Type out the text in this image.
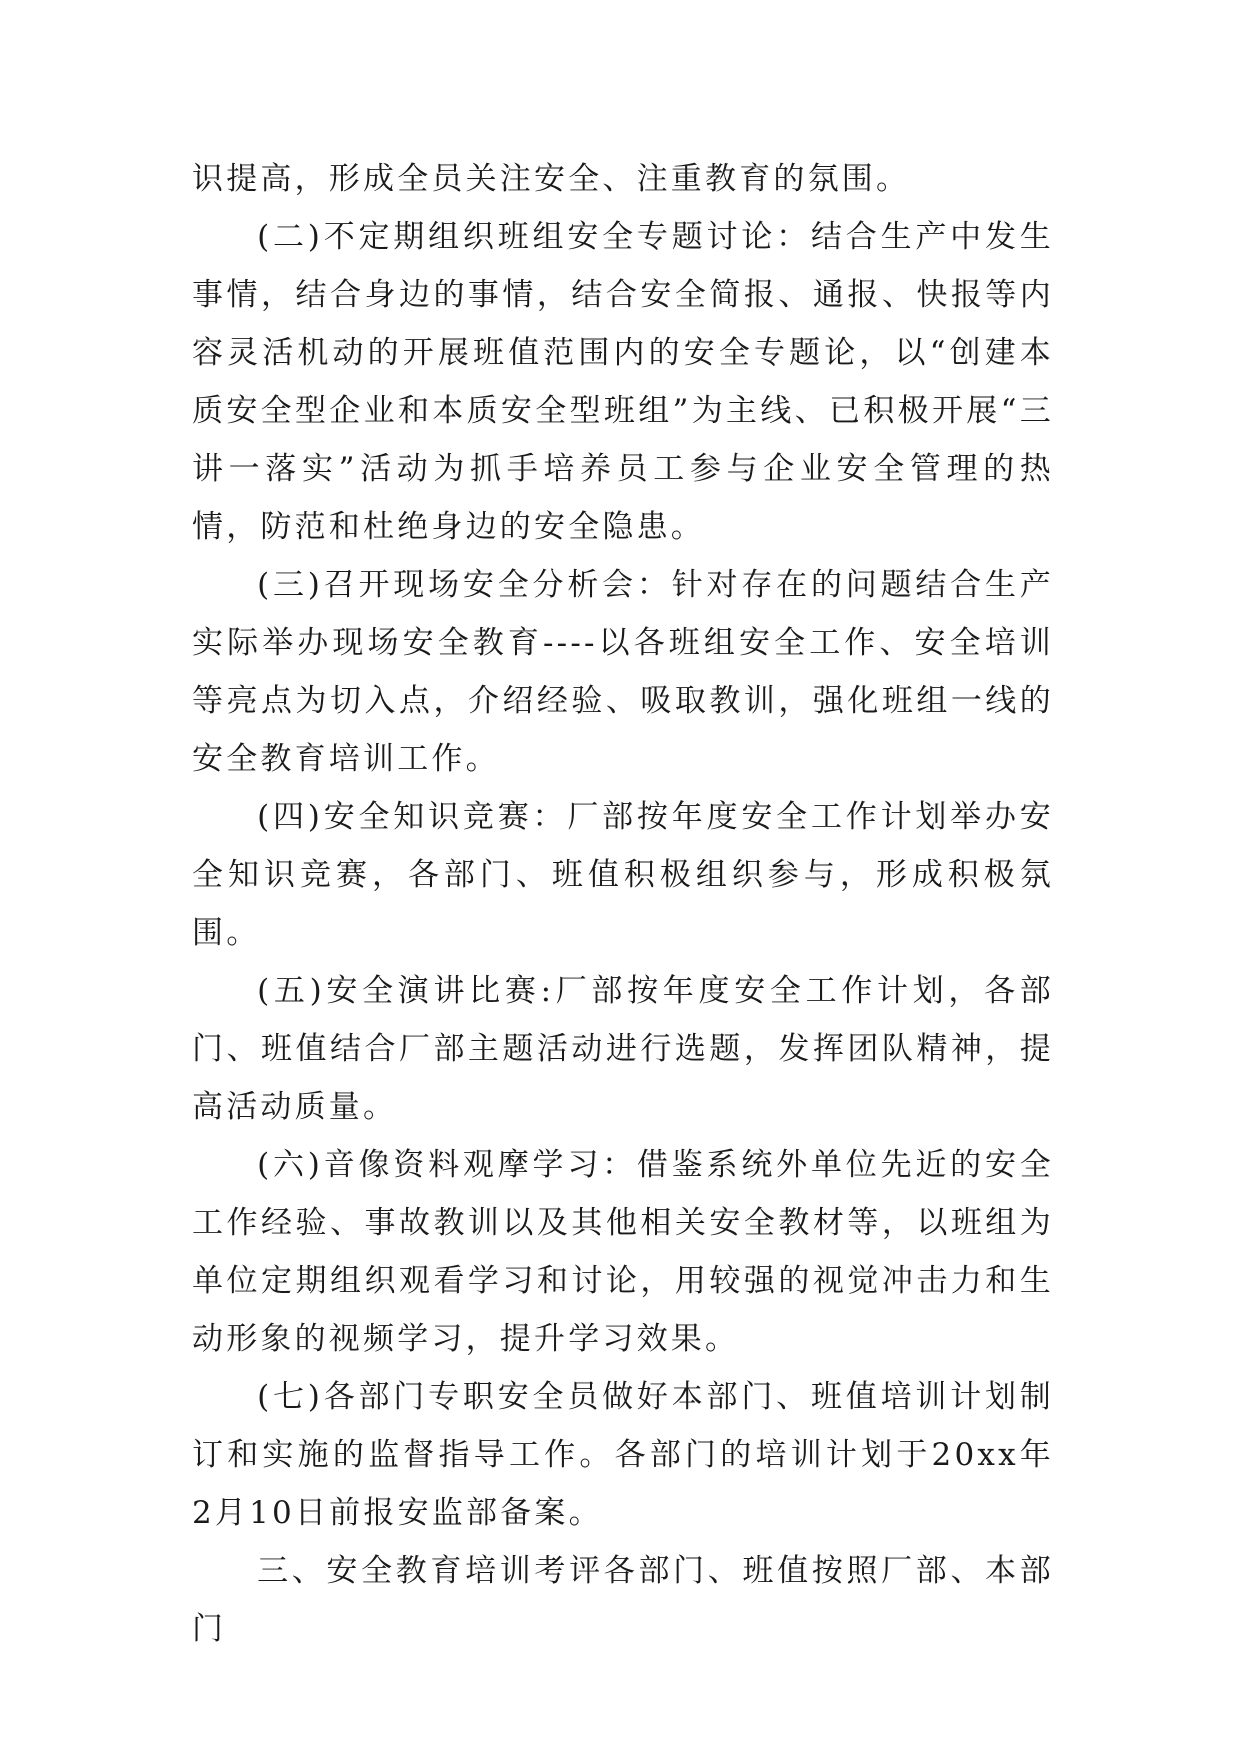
识提高，形成全员关注安全、注重教育的氛围。

(二)不定期组织班组安全专题讨论：结合生产中发生事情，结合身边的事情，结合安全简报、通报、快报等内容灵活机动的开展班值范围内的安全专题论，以“创建本质安全型企业和本质安全型班组”为主线、已积极开展“三讲一落实”活动为抓手培养员工参与企业安全管理的热情，防范和杜绝身边的安全隐患。

(三)召开现场安全分析会：针对存在的问题结合生产实际举办现场安全教育----以各班组安全工作、安全培训等亮点为切入点，介绍经验、吸取教训，强化班组一线的安全教育培训工作。

(四)安全知识竞赛：厂部按年度安全工作计划举办安全知识竞赛，各部门、班值积极组织参与，形成积极氛围。

(五)安全演讲比赛:厂部按年度安全工作计划，各部门、班值结合厂部主题活动进行选题，发挥团队精神，提高活动质量。

(六)音像资料观摩学习：借鉴系统外单位先近的安全工作经验、事故教训以及其他相关安全教材等，以班组为单位定期组织观看学习和讨论，用较强的视觉冲击力和生动形象的视频学习，提升学习效果。

(七)各部门专职安全员做好本部门、班值培训计划制订和实施的监督指导工作。各部门的培训计划于20xx年2月10日前报安监部备案。

三、安全教育培训考评各部门、班值按照厂部、本部门
